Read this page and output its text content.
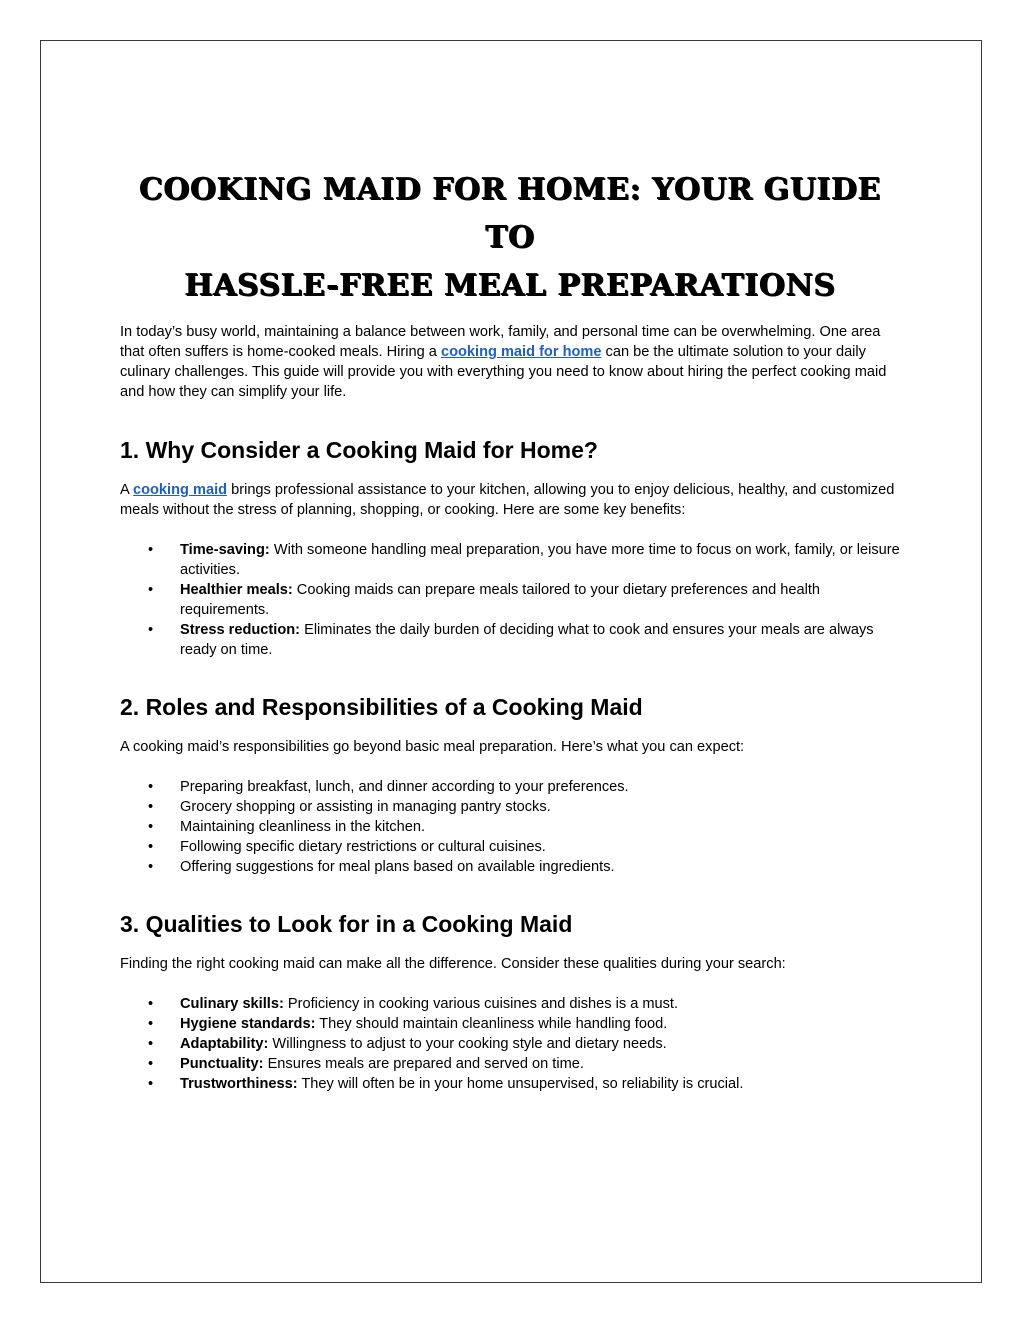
COOKING MAID FOR HOME: YOUR GUIDE TO
HASSLE-FREE MEAL PREPARATIONS

In today’s busy world, maintaining a balance between work, family, and personal time can be overwhelming. One area that often suffers is home-cooked meals. Hiring a cooking maid for home can be the ultimate solution to your daily culinary challenges. This guide will provide you with everything you need to know about hiring the perfect cooking maid and how they can simplify your life.

1. Why Consider a Cooking Maid for Home?

A cooking maid brings professional assistance to your kitchen, allowing you to enjoy delicious, healthy, and customized meals without the stress of planning, shopping, or cooking. Here are some key benefits:

• Time-saving: With someone handling meal preparation, you have more time to focus on work, family, or leisure activities.
• Healthier meals: Cooking maids can prepare meals tailored to your dietary preferences and health requirements.
• Stress reduction: Eliminates the daily burden of deciding what to cook and ensures your meals are always ready on time.
2. Roles and Responsibilities of a Cooking Maid

A cooking maid’s responsibilities go beyond basic meal preparation. Here’s what you can expect:

• Preparing breakfast, lunch, and dinner according to your preferences.
• Grocery shopping or assisting in managing pantry stocks.
• Maintaining cleanliness in the kitchen.
• Following specific dietary restrictions or cultural cuisines.
• Offering suggestions for meal plans based on available ingredients.
3. Qualities to Look for in a Cooking Maid

Finding the right cooking maid can make all the difference. Consider these qualities during your search:

• Culinary skills: Proficiency in cooking various cuisines and dishes is a must.
• Hygiene standards: They should maintain cleanliness while handling food.
• Adaptability: Willingness to adjust to your cooking style and dietary needs.
• Punctuality: Ensures meals are prepared and served on time.
• Trustworthiness: They will often be in your home unsupervised, so reliability is crucial.
